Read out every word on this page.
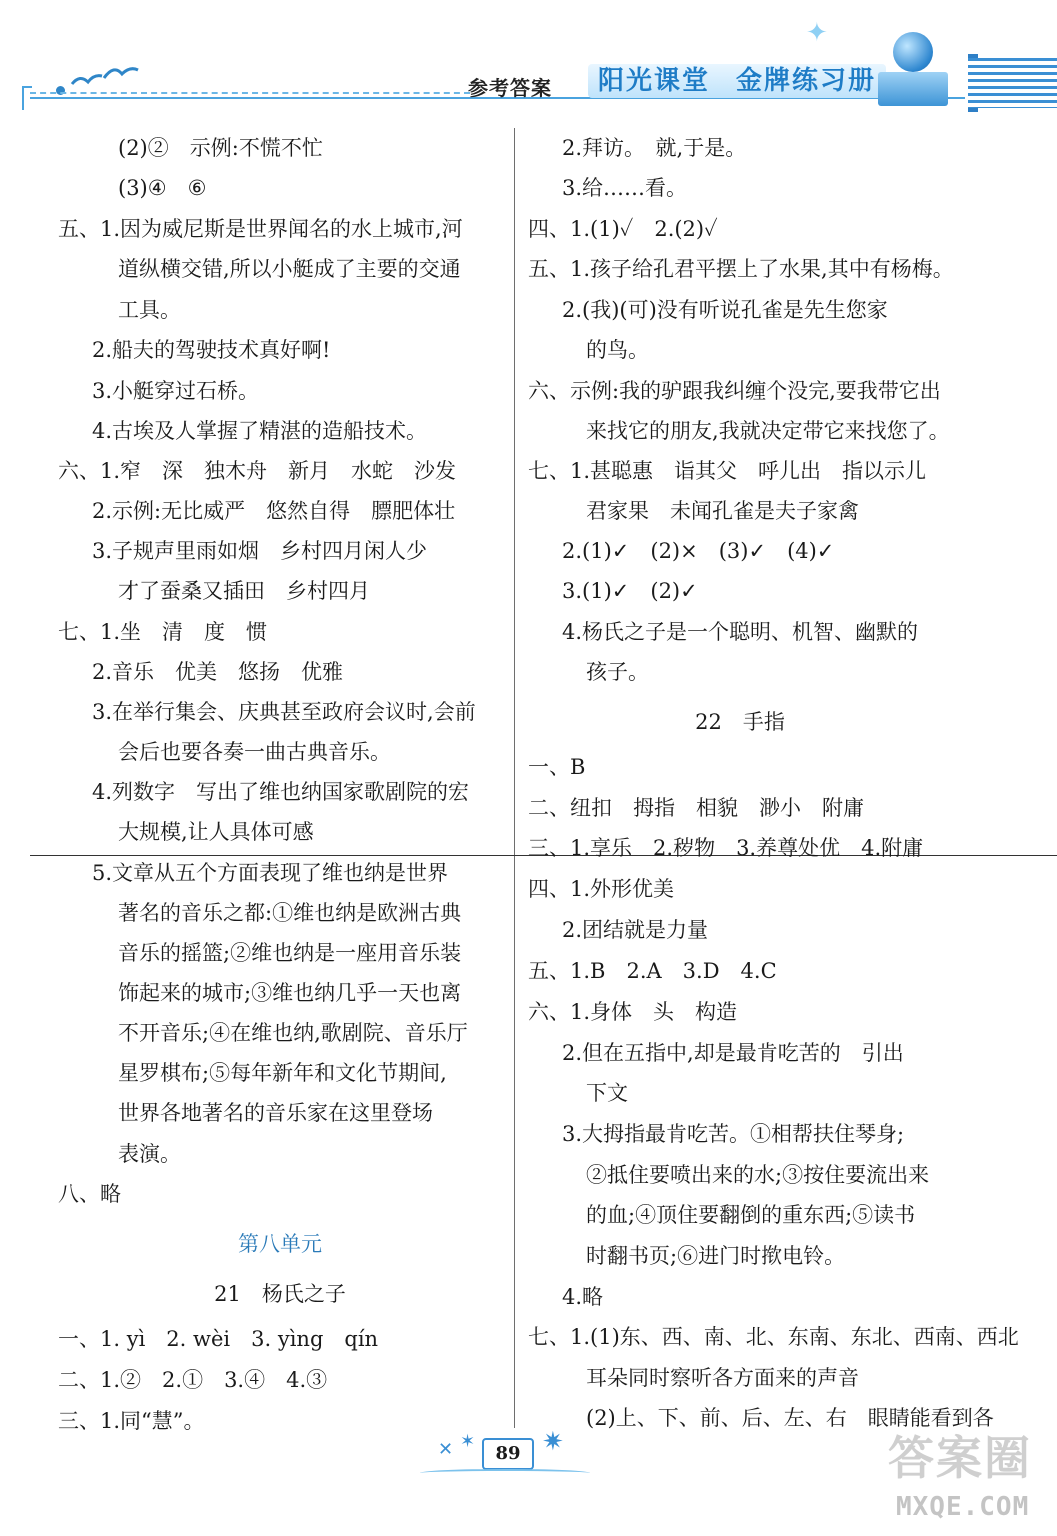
参考答案	阳光课堂 金牌练习册
✦
(2)②　示例:不慌不忙
(3)④　⑥
五、1.因为威尼斯是世界闻名的水上城市,河
道纵横交错,所以小艇成了主要的交通
工具。
2.船夫的驾驶技术真好啊!
3.小艇穿过石桥。
4.古埃及人掌握了精湛的造船技术。
六、1.窄　深　独木舟　新月　水蛇　沙发
2.示例:无比威严　悠然自得　膘肥体壮
3.子规声里雨如烟　乡村四月闲人少
才了蚕桑又插田　乡村四月
七、1.坐　清　度　惯
2.音乐　优美　悠扬　优雅
3.在举行集会、庆典甚至政府会议时,会前
会后也要各奏一曲古典音乐。
4.列数字　写出了维也纳国家歌剧院的宏
大规模,让人具体可感
5.文章从五个方面表现了维也纳是世界
著名的音乐之都:①维也纳是欧洲古典
音乐的摇篮;②维也纳是一座用音乐装
饰起来的城市;③维也纳几乎一天也离
不开音乐;④在维也纳,歌剧院、音乐厅
星罗棋布;⑤每年新年和文化节期间,
世界各地著名的音乐家在这里登场
表演。
八、略
第八单元
21　杨氏之子
一、1. yì　2. wèi　3. yìng　qín
二、1.②　2.①　3.④　4.③
三、1.同“慧”。
2.拜访。　就,于是。
3.给……看。
四、1.(1)✓　2.(2)✓
五、1.孩子给孔君平摆上了水果,其中有杨梅。
2.(我)(可)没有听说孔雀是先生您家
的鸟。
六、示例:我的驴跟我纠缠个没完,要我带它出
来找它的朋友,我就决定带它来找您了。
七、1.甚聪惠　诣其父　呼儿出　指以示儿
君家果　未闻孔雀是夫子家禽
2.(1)✓　(2)×　(3)✓　(4)✓
3.(1)✓　(2)✓
4.杨氏之子是一个聪明、机智、幽默的
孩子。
22　手指
一、B
二、纽扣　拇指　相貌　渺小　附庸
三、1.享乐　2.秽物　3.养尊处优　4.附庸
四、1.外形优美
2.团结就是力量
五、1.B　2.A　3.D　4.C
六、1.身体　头　构造
2.但在五指中,却是最肯吃苦的　引出
下文
3.大拇指最肯吃苦。①相帮扶住琴身;
②抵住要喷出来的水;③按住要流出来
的血;④顶住要翻倒的重东西;⑤读书
时翻书页;⑥进门时揿电铃。
4.略
七、1.(1)东、西、南、北、东南、东北、西南、西北
耳朵同时察听各方面来的声音
(2)上、下、前、后、左、右　眼睛能看到各
✕ ✶
89 ✷	答案圈
MXQE.COM
